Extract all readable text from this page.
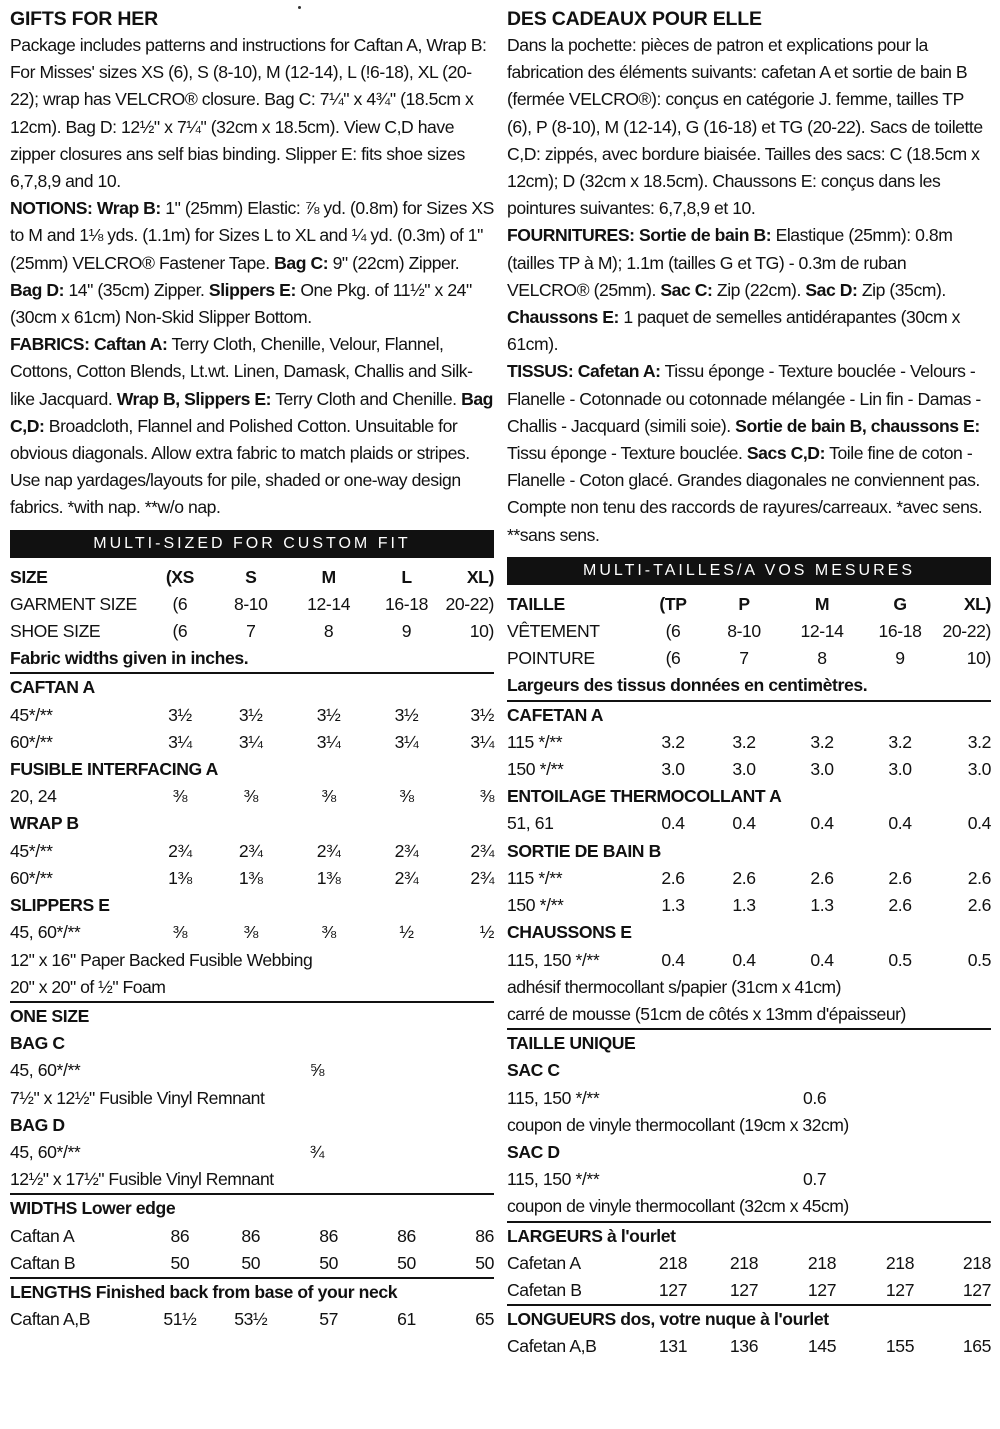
GIFTS FOR HER

Package includes patterns and instructions for Caftan A, Wrap B: For Misses' sizes XS (6), S (8-10), M (12-14), L (!6-18), XL (20-22); wrap has VELCRO® closure. Bag C: 7¼" x 4¾" (18.5cm x 12cm). Bag D: 12½" x 7¼" (32cm x 18.5cm). View C,D have zipper closures ans self bias binding. Slipper E: fits shoe sizes 6,7,8,9 and 10.

NOTIONS: Wrap B: 1" (25mm) Elastic: ⅞ yd. (0.8m) for Sizes XS to M and 1⅛ yds. (1.1m) for Sizes L to XL and ¼ yd. (0.3m) of 1" (25mm) VELCRO® Fastener Tape. Bag C: 9" (22cm) Zipper. Bag D: 14" (35cm) Zipper. Slippers E: One Pkg. of 11½" x 24" (30cm x 61cm) Non-Skid Slipper Bottom.

FABRICS: Caftan A: Terry Cloth, Chenille, Velour, Flannel, Cottons, Cotton Blends, Lt.wt. Linen, Damask, Challis and Silk-like Jacquard. Wrap B, Slippers E: Terry Cloth and Chenille. Bag C,D: Broadcloth, Flannel and Polished Cotton. Unsuitable for obvious diagonals. Allow extra fabric to match plaids or stripes. Use nap yardages/layouts for pile, shaded or one-way design fabrics. *with nap. **w/o nap.

MULTI-SIZED FOR CUSTOM FIT
SIZE	(XS	S	M	L	XL)
GARMENT SIZE	(6	8-10	12-14	16-18	20-22)
SHOE SIZE	(6	7	8	9	10)
Fabric widths given in inches.					
CAFTAN A					
45*/**	3½	3½	3½	3½	3½
60*/**	3¼	3¼	3¼	3¼	3¼
FUSIBLE INTERFACING A					
20, 24	⅜	⅜	⅜	⅜	⅜
WRAP B					
45*/**	2¾	2¾	2¾	2¾	2¾
60*/**	1⅜	1⅜	1⅜	2¾	2¾
SLIPPERS E					
45, 60*/**	⅜	⅜	⅜	½	½
12" x 16" Paper Backed Fusible Webbing					
20" x 20" of ½" Foam					
ONE SIZE					
BAG C					
45, 60*/**			⅝		
7½" x 12½" Fusible Vinyl Remnant					
BAG D					
45, 60*/**			¾		
12½" x 17½" Fusible Vinyl Remnant					
WIDTHS Lower edge					
Caftan A	86	86	86	86	86
Caftan B	50	50	50	50	50
LENGTHS Finished back from base of your neck					
Caftan A,B	51½	53½	57	61	65
DES CADEAUX POUR ELLE

Dans la pochette: pièces de patron et explications pour la fabrication des éléments suivants: cafetan A et sortie de bain B (fermée VELCRO®): conçus en catégorie J. femme, tailles TP (6), P (8-10), M (12-14), G (16-18) et TG (20-22). Sacs de toilette C,D: zippés, avec bordure biaisée. Tailles des sacs: C (18.5cm x 12cm); D (32cm x 18.5cm). Chaussons E: conçus dans les pointures suivantes: 6,7,8,9 et 10.

FOURNITURES: Sortie de bain B: Elastique (25mm): 0.8m (tailles TP à M); 1.1m (tailles G et TG) - 0.3m de ruban VELCRO® (25mm). Sac C: Zip (22cm). Sac D: Zip (35cm). Chaussons E: 1 paquet de semelles antidérapantes (30cm x 61cm).

TISSUS: Cafetan A: Tissu éponge - Texture bouclée - Velours - Flanelle - Cotonnade ou cotonnade mélangée - Lin fin - Damas - Challis - Jacquard (simili soie). Sortie de bain B, chaussons E: Tissu éponge - Texture bouclée. Sacs C,D: Toile fine de coton - Flanelle - Coton glacé. Grandes diagonales ne conviennent pas. Compte non tenu des raccords de rayures/carreaux. *avec sens. **sans sens.

MULTI-TAILLES/A VOS MESURES
TAILLE	(TP	P	M	G	XL)
VÊTEMENT	(6	8-10	12-14	16-18	20-22)
POINTURE	(6	7	8	9	10)
Largeurs des tissus données en centimètres.					
CAFETAN A					
115 */**	3.2	3.2	3.2	3.2	3.2
150 */**	3.0	3.0	3.0	3.0	3.0
ENTOILAGE THERMOCOLLANT A					
51, 61	0.4	0.4	0.4	0.4	0.4
SORTIE DE BAIN B					
115 */**	2.6	2.6	2.6	2.6	2.6
150 */**	1.3	1.3	1.3	2.6	2.6
CHAUSSONS E					
115, 150 */**	0.4	0.4	0.4	0.5	0.5
adhésif thermocollant s/papier (31cm x 41cm)					
carré de mousse (51cm de côtés x 13mm d'épaisseur)					
TAILLE UNIQUE					
SAC C					
115, 150 */**			0.6		
coupon de vinyle thermocollant (19cm x 32cm)					
SAC D					
115, 150 */**			0.7		
coupon de vinyle thermocollant (32cm x 45cm)					
LARGEURS à l'ourlet					
Cafetan A	218	218	218	218	218
Cafetan B	127	127	127	127	127
LONGUEURS dos, votre nuque à l'ourlet					
Cafetan A,B	131	136	145	155	165
